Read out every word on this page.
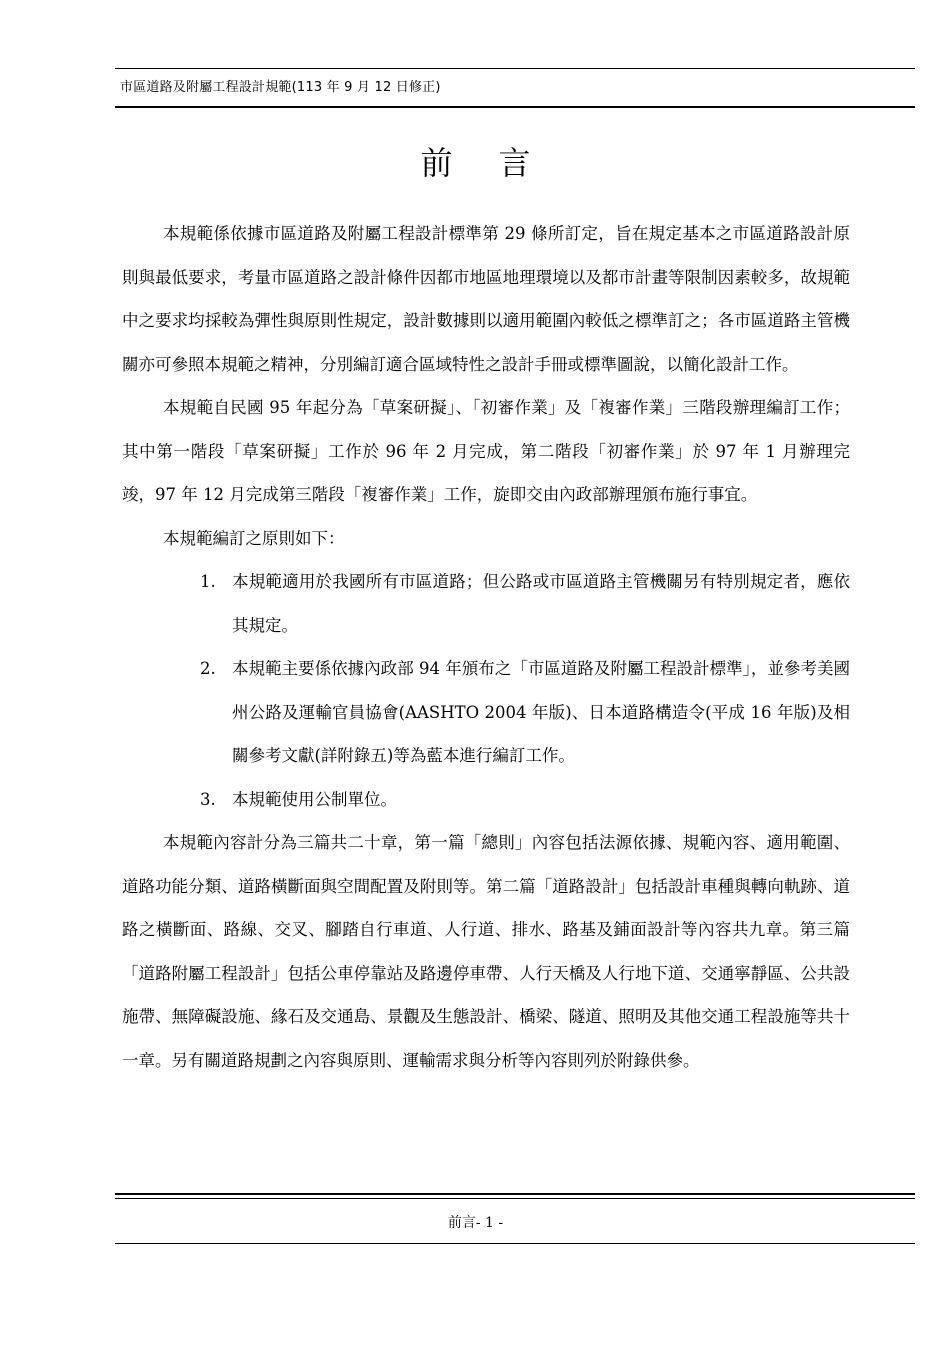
市區道路及附屬工程設計規範(113 年 9 月 12 日修正)
前言

本規範係依據市區道路及附屬工程設計標準第 29 條所訂定，旨在規定基本之市區道路設計原則與最低要求，考量市區道路之設計條件因都市地區地理環境以及都市計畫等限制因素較多，故規範中之要求均採較為彈性與原則性規定，設計數據則以適用範圍內較低之標準訂之；各市區道路主管機關亦可參照本規範之精神，分別編訂適合區域特性之設計手冊或標準圖說，以簡化設計工作。

本規範自民國 95 年起分為「草案研擬」、「初審作業」及「複審作業」三階段辦理編訂工作；其中第一階段「草案研擬」工作於 96 年 2 月完成，第二階段「初審作業」於 97 年 1 月辦理完竣，97 年 12 月完成第三階段「複審作業」工作，旋即交由內政部辦理頒布施行事宜。

本規範編訂之原則如下：

1. 本規範適用於我國所有市區道路；但公路或市區道路主管機關另有特別規定者，應依其規定。
2. 本規範主要係依據內政部 94 年頒布之「市區道路及附屬工程設計標準」，並參考美國州公路及運輸官員協會(AASHTO 2004 年版)、日本道路構造令(平成 16 年版)及相關參考文獻(詳附錄五)等為藍本進行編訂工作。
3. 本規範使用公制單位。

本規範內容計分為三篇共二十章，第一篇「總則」內容包括法源依據、規範內容、適用範圍、道路功能分類、道路橫斷面與空間配置及附則等。第二篇「道路設計」包括設計車種與轉向軌跡、道路之橫斷面、路線、交叉、腳踏自行車道、人行道、排水、路基及鋪面設計等內容共九章。第三篇「道路附屬工程設計」包括公車停靠站及路邊停車帶、人行天橋及人行地下道、交通寧靜區、公共設施帶、無障礙設施、緣石及交通島、景觀及生態設計、橋梁、隧道、照明及其他交通工程設施等共十一章。另有關道路規劃之內容與原則、運輸需求與分析等內容則列於附錄供參。

前言- 1 -
